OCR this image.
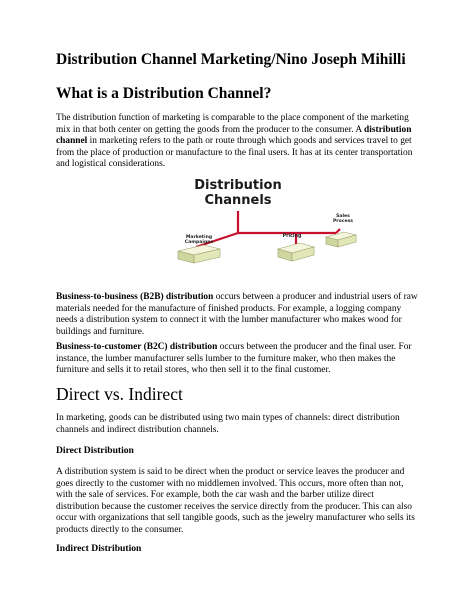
Distribution Channel Marketing/Nino Joseph Mihilli
What is a Distribution Channel?

The distribution function of marketing is comparable to the place component of the marketing mix in that both center on getting the goods from the producer to the consumer. A distribution channel in marketing refers to the path or route through which goods and services travel to get from the place of production or manufacture to the final users. It has at its center transportation and logistical considerations.

Distribution
Channels
Marketing
Campaigns
Pricing
Sales
Process

Business-to-business (B2B) distribution occurs between a producer and industrial users of raw materials needed for the manufacture of finished products. For example, a logging company needs a distribution system to connect it with the lumber manufacturer who makes wood for buildings and furniture.

Business-to-customer (B2C) distribution occurs between the producer and the final user. For instance, the lumber manufacturer sells lumber to the furniture maker, who then makes the furniture and sells it to retail stores, who then sell it to the final customer.

Direct vs. Indirect

In marketing, goods can be distributed using two main types of channels: direct distribution channels and indirect distribution channels.

Direct Distribution

A distribution system is said to be direct when the product or service leaves the producer and goes directly to the customer with no middlemen involved. This occurs, more often than not, with the sale of services. For example, both the car wash and the barber utilize direct distribution because the customer receives the service directly from the producer. This can also occur with organizations that sell tangible goods, such as the jewelry manufacturer who sells its products directly to the consumer.

Indirect Distribution
